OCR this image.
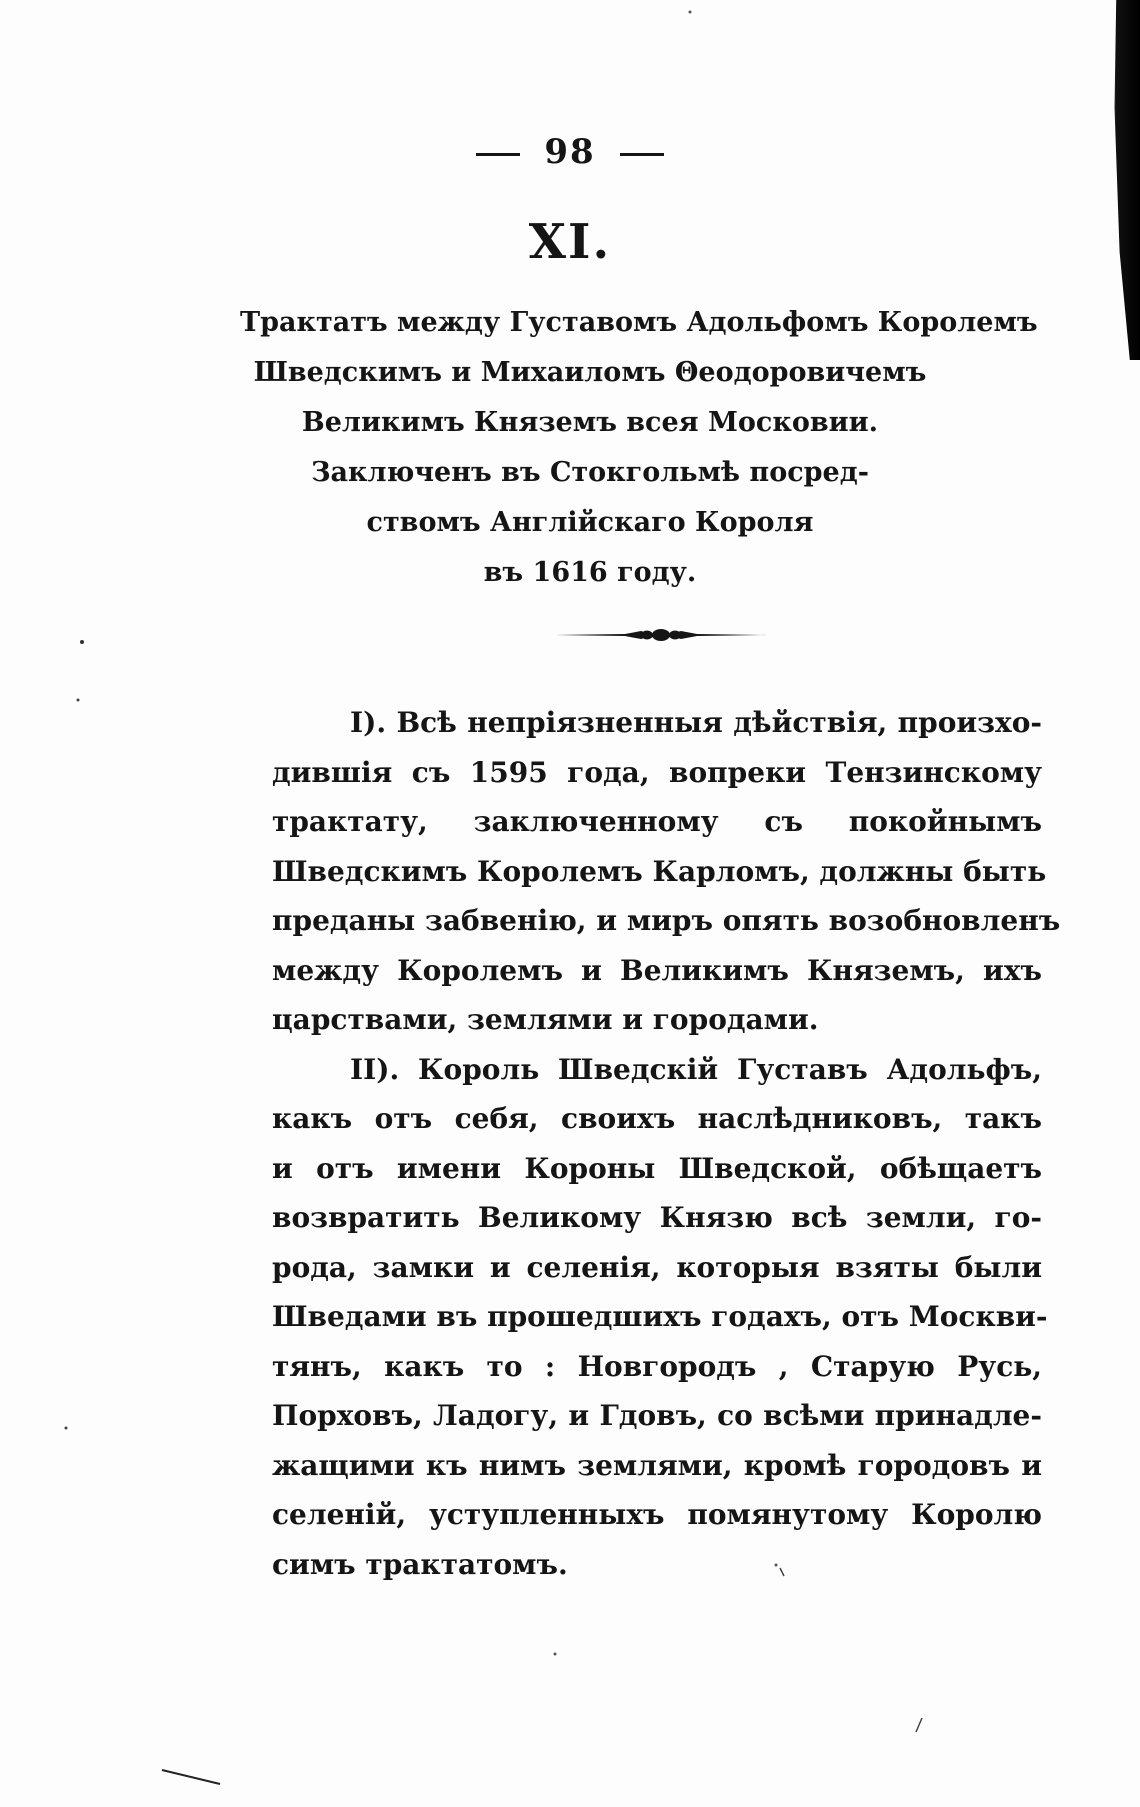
98
XI.
Трактатъ между Густавомъ Адольфомъ Королемъ
Шведскимъ и Михаиломъ Θеодоровичемъ
Великимъ Княземъ всея Московии.
Заключенъ въ Стокгольмѣ посред-
ствомъ Англійскаго Короля
въ 1616 году.
I). Всѣ непріязненныя дѣйствія, произхо-
дившія съ 1595 года, вопреки Тензинскому
трактату, заключенному съ покойнымъ
Шведскимъ Королемъ Карломъ, должны быть
преданы забвенію, и миръ опять возобновленъ
между Королемъ и Великимъ Княземъ, ихъ
царствами, землями и городами.
II). Король Шведскій Густавъ Адольфъ,
какъ отъ себя, своихъ наслѣдниковъ, такъ
и отъ имени Короны Шведской, обѣщаетъ
возвратить Великому Князю всѣ земли, го-
рода, замки и селенія, которыя взяты были
Шведами въ прошедшихъ годахъ, отъ Москви-
тянъ, какъ то : Новгородъ , Старую Русь,
Порховъ, Ладогу, и Гдовъ, со всѣми принадле-
жащими къ нимъ землями, кромѣ городовъ и
селеній, уступленныхъ помянутому Королю
симъ трактатомъ.
